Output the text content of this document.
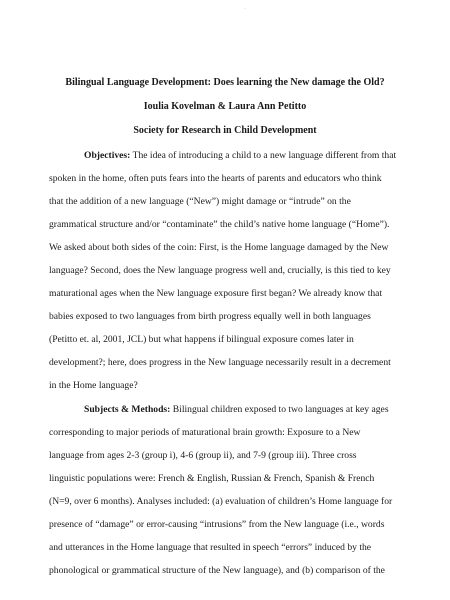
·
Bilingual Language Development: Does learning the New damage the Old?
Ioulia Kovelman & Laura Ann Petitto
Society for Research in Child Development
Objectives: The idea of introducing a child to a new language different from that
spoken in the home, often puts fears into the hearts of parents and educators who think
that the addition of a new language (“New”) might damage or “intrude” on the
grammatical structure and/or “contaminate” the child’s native home language (“Home”).
We asked about both sides of the coin: First, is the Home language damaged by the New
language? Second, does the New language progress well and, crucially, is this tied to key
maturational ages when the New language exposure first began? We already know that
babies exposed to two languages from birth progress equally well in both languages
(Petitto et. al, 2001, JCL) but what happens if bilingual exposure comes later in
development?; here, does progress in the New language necessarily result in a decrement
in the Home language?
Subjects & Methods: Bilingual children exposed to two languages at key ages
corresponding to major periods of maturational brain growth: Exposure to a New
language from ages 2-3 (group i), 4-6 (group ii), and 7-9 (group iii). Three cross
linguistic populations were: French & English, Russian & French, Spanish & French
(N=9, over 6 months). Analyses included: (a) evaluation of children’s Home language for
presence of “damage” or error-causing “intrusions” from the New language (i.e., words
and utterances in the Home language that resulted in speech “errors” induced by the
phonological or grammatical structure of the New language), and (b) comparison of the
